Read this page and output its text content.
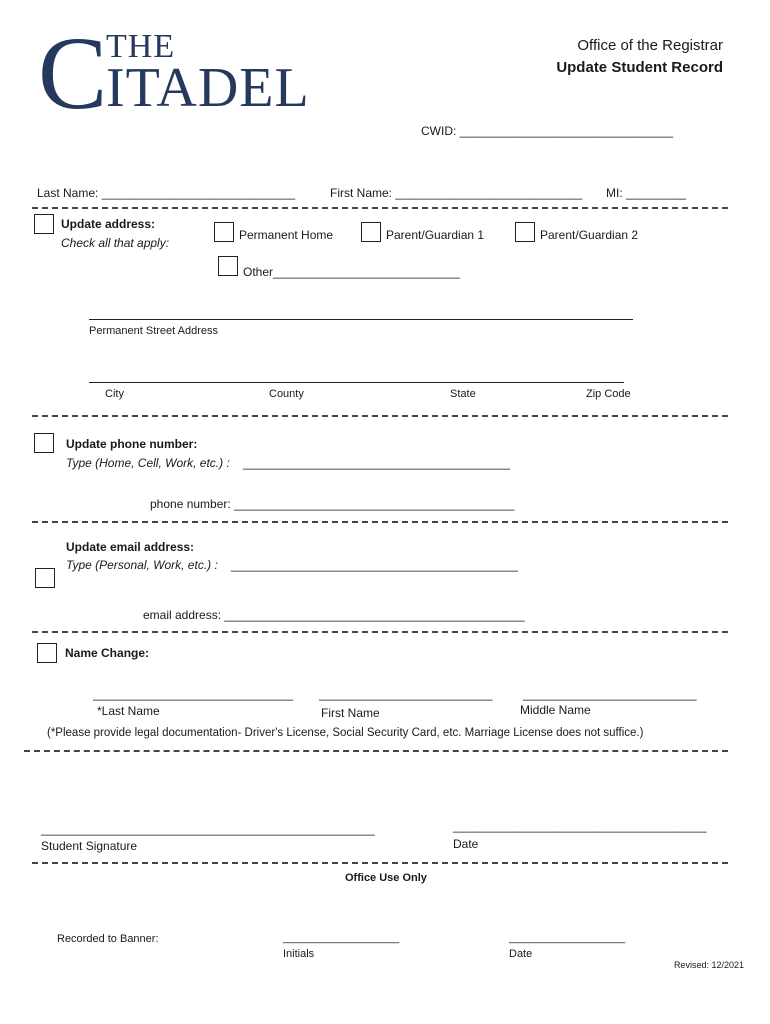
C
THE
ITADEL
Office of the Registrar
Update Student Record
CWID: ________________________________
Last Name: _____________________________	First Name: ____________________________ MI: _________
Update address:
Check all that apply:
Permanent Home	Parent/Guardian 1	Parent/Guardian 2
Other____________________________
Permanent Street Address
City	County	State	Zip Code
Update phone number:
Type (Home, Cell, Work, etc.) : ________________________________________
phone number: __________________________________________
Update email address:
Type (Personal, Work, etc.) : ___________________________________________
email address: _____________________________________________
Name Change:
______________________________ __________________________	__________________________
*Last Name	First Name	Middle Name
(*Please provide legal documentation- Driver's License, Social Security Card, etc. Marriage License does not suffice.)
__________________________________________________	______________________________________
Student Signature	Date
Office Use Only
Recorded to Banner:	___________________	___________________
Initials	Date
Revised: 12/2021
